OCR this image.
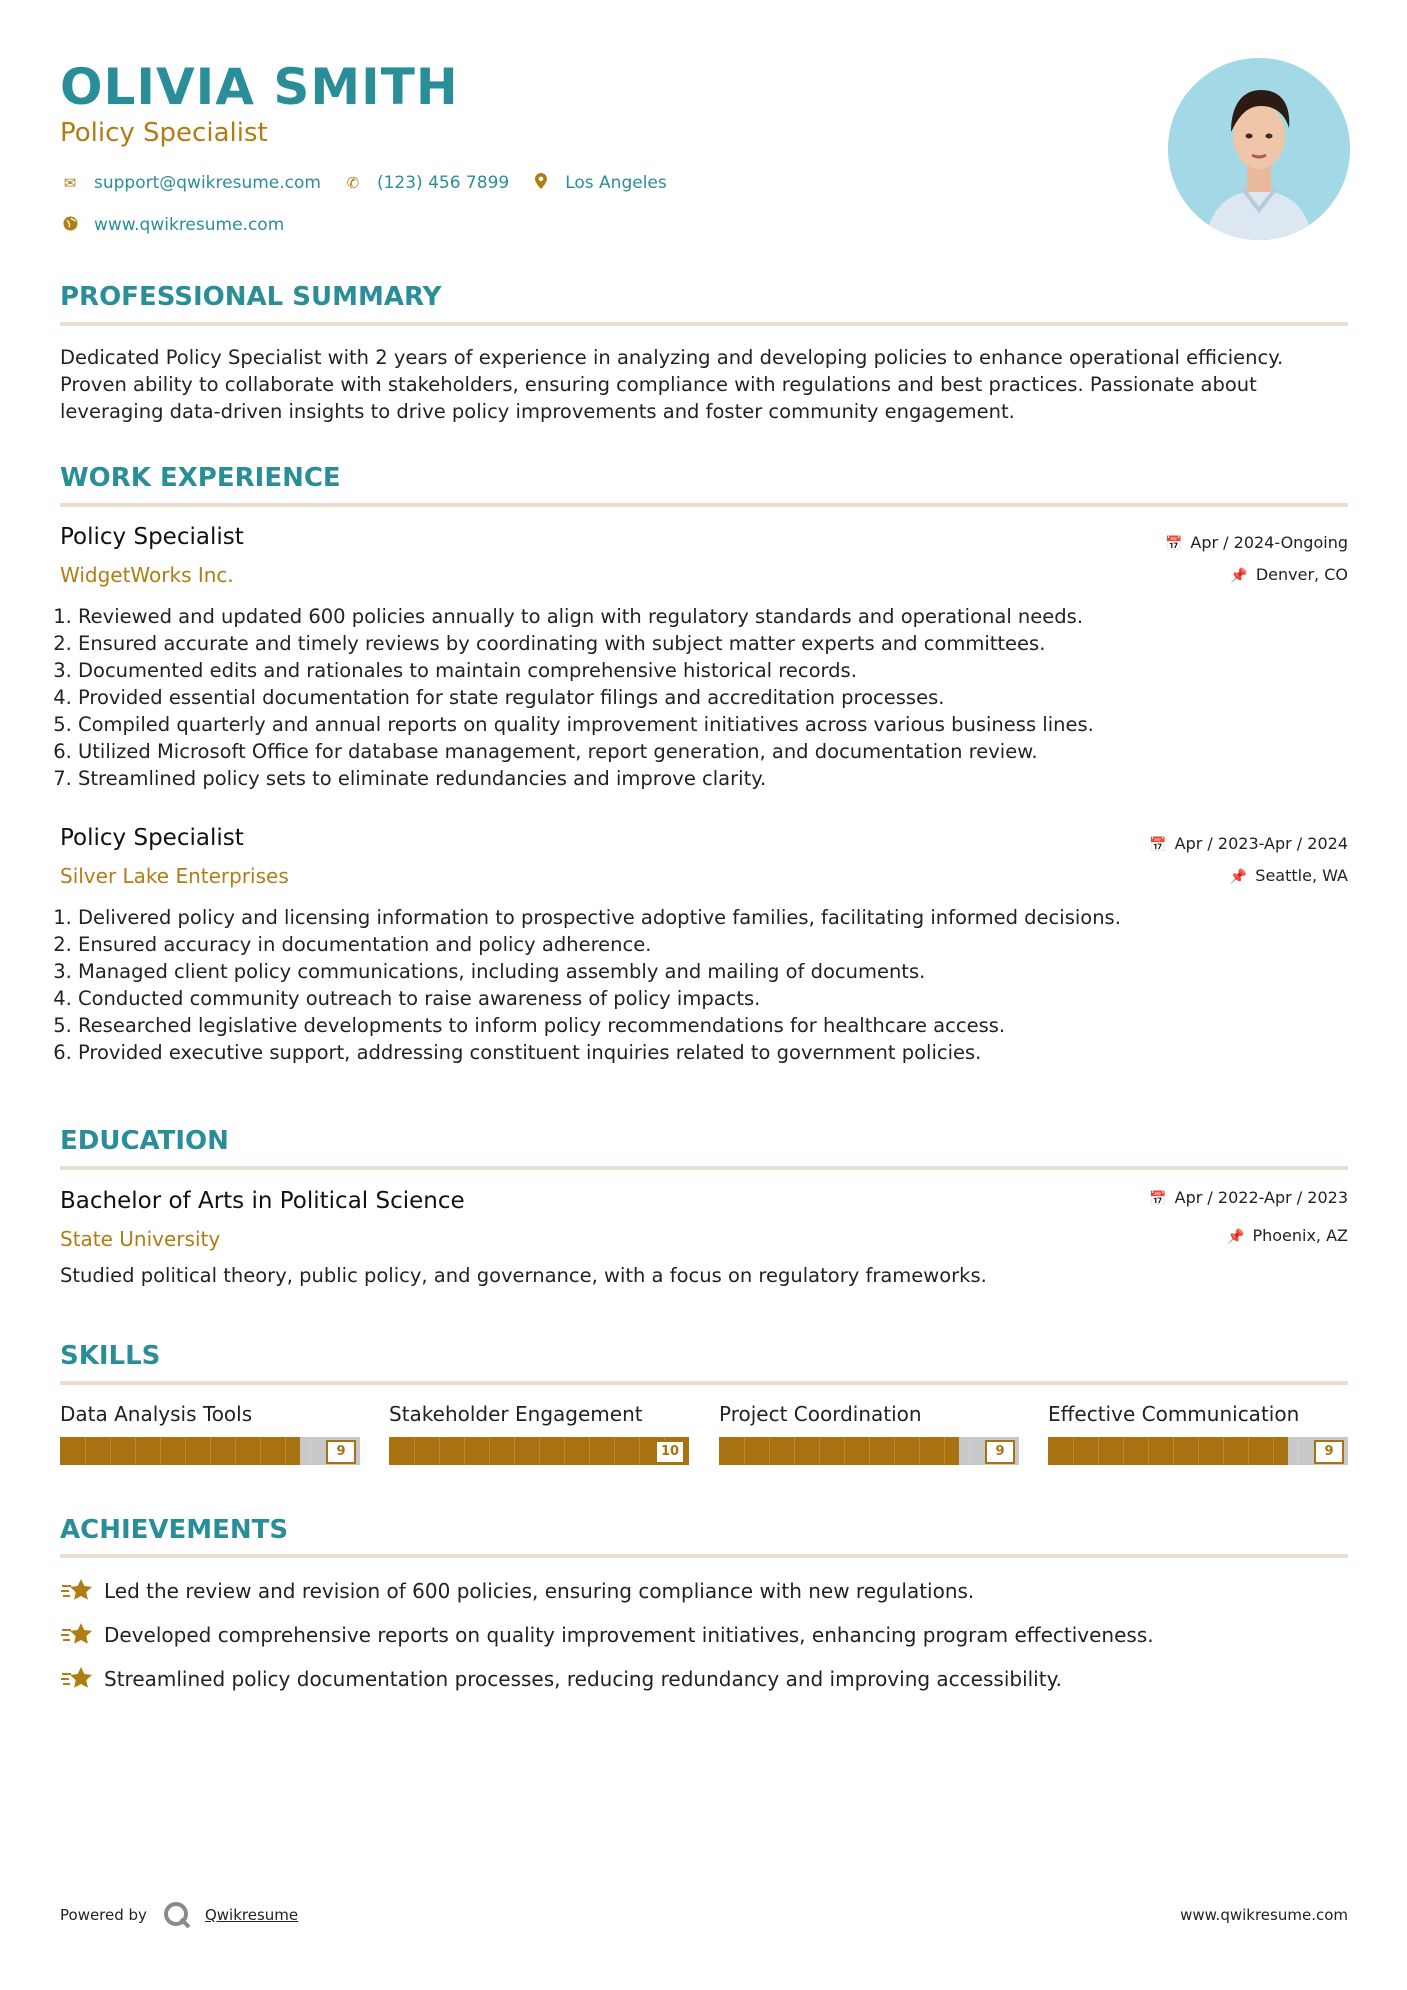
OLIVIA SMITH
Policy Specialist
✉ support@qwikresume.com ✆ (123) 456 7899	Los Angeles
www.qwikresume.com
PROFESSIONAL SUMMARY
Dedicated Policy Specialist with 2 years of experience in analyzing and developing policies to enhance operational efficiency. Proven ability to collaborate with stakeholders, ensuring compliance with regulations and best practices. Passionate about leveraging data-driven insights to drive policy improvements and foster community engagement.
WORK EXPERIENCE
Policy Specialist
WidgetWorks Inc.
📅 Apr / 2024-Ongoing
📌 Denver, CO
1. Reviewed and updated 600 policies annually to align with regulatory standards and operational needs.
2. Ensured accurate and timely reviews by coordinating with subject matter experts and committees.
3. Documented edits and rationales to maintain comprehensive historical records.
4. Provided essential documentation for state regulator filings and accreditation processes.
5. Compiled quarterly and annual reports on quality improvement initiatives across various business lines.
6. Utilized Microsoft Office for database management, report generation, and documentation review.
7. Streamlined policy sets to eliminate redundancies and improve clarity.
Policy Specialist
Silver Lake Enterprises
📅 Apr / 2023-Apr / 2024
📌 Seattle, WA
1. Delivered policy and licensing information to prospective adoptive families, facilitating informed decisions.
2. Ensured accuracy in documentation and policy adherence.
3. Managed client policy communications, including assembly and mailing of documents.
4. Conducted community outreach to raise awareness of policy impacts.
5. Researched legislative developments to inform policy recommendations for healthcare access.
6. Provided executive support, addressing constituent inquiries related to government policies.
EDUCATION
Bachelor of Arts in Political Science
State University
📅 Apr / 2022-Apr / 2023
📌 Phoenix, AZ
Studied political theory, public policy, and governance, with a focus on regulatory frameworks.
SKILLS
Data Analysis Tools
9
Stakeholder Engagement
10
Project Coordination
9
Effective Communication
9
ACHIEVEMENTS
Led the review and revision of 600 policies, ensuring compliance with new regulations.
Developed comprehensive reports on quality improvement initiatives, enhancing program effectiveness.
Streamlined policy documentation processes, reducing redundancy and improving accessibility.
Powered by	Qwikresume	www.qwikresume.com
